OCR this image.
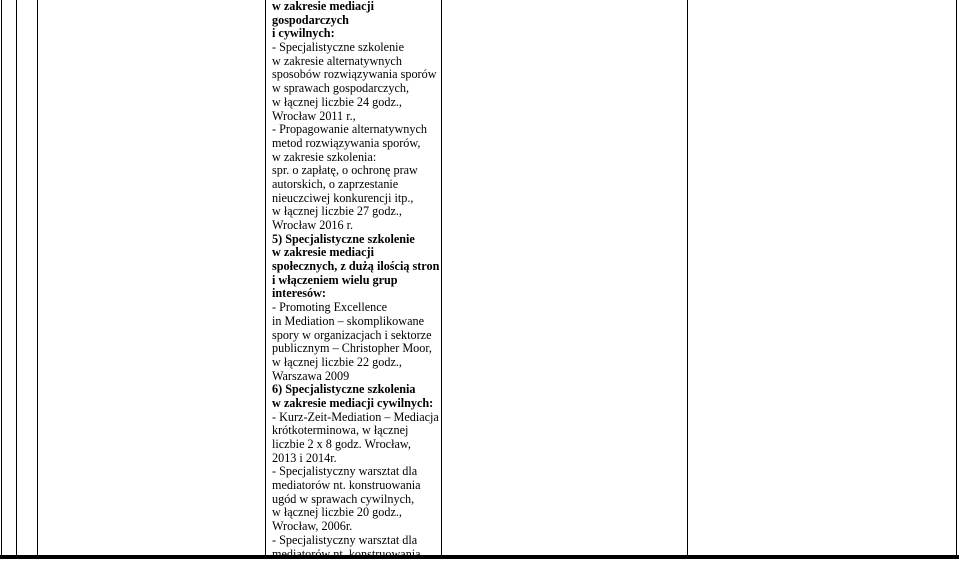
w zakresie mediacji
gospodarczych
i cywilnych:
- Specjalistyczne szkolenie
w zakresie alternatywnych
sposobów rozwiązywania sporów
w sprawach gospodarczych,
w łącznej liczbie 24 godz.,
Wrocław 2011 r.,
- Propagowanie alternatywnych
metod rozwiązywania sporów,
w zakresie szkolenia:
spr. o zapłatę, o ochronę praw
autorskich, o zaprzestanie
nieuczciwej konkurencji itp.,
w łącznej liczbie 27 godz.,
Wrocław 2016 r.
5) Specjalistyczne szkolenie
w zakresie mediacji
społecznych, z dużą ilością stron
i włączeniem wielu grup
interesów:
- Promoting Excellence
in Mediation – skomplikowane
spory w organizacjach i sektorze
publicznym – Christopher Moor,
w łącznej liczbie 22 godz.,
Warszawa 2009
6) Specjalistyczne szkolenia
w zakresie mediacji cywilnych:
- Kurz-Zeit-Mediation – Mediacja
krótkoterminowa, w łącznej
liczbie 2 x 8 godz. Wrocław,
2013 i 2014r.
- Specjalistyczny warsztat dla
mediatorów nt. konstruowania
ugód w sprawach cywilnych,
w łącznej liczbie 20 godz.,
Wrocław, 2006r.
- Specjalistyczny warsztat dla
mediatorów nt. konstruowania
